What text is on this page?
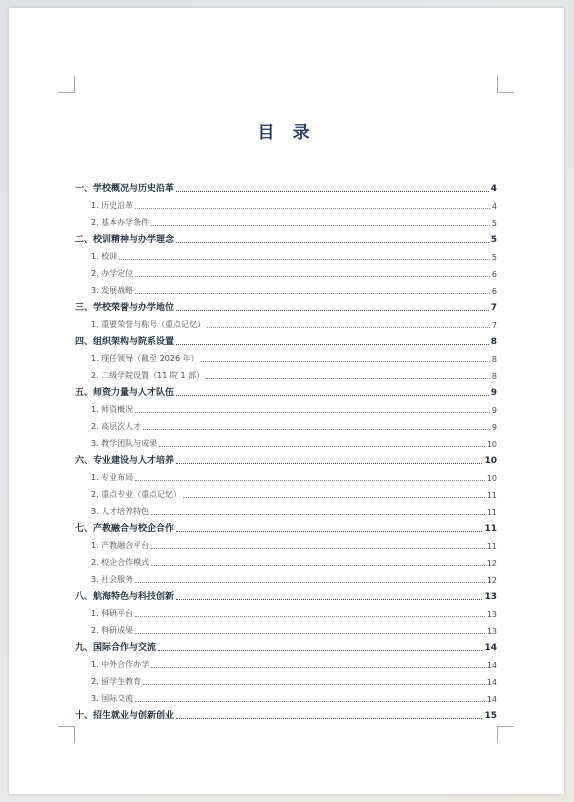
目 录
一、学校概况与历史沿革	4
1. 历史沿革	4
2. 基本办学条件	5
二、校训精神与办学理念	5
1. 校训	5
2. 办学定位	6
3. 发展战略	6
三、学校荣誉与办学地位	7
1. 重要荣誉与称号（重点记忆）	7
四、组织架构与院系设置	8
1. 现任领导（截至 2026 年）	8
2. 二级学院设置（11 院 1 部）	8
五、师资力量与人才队伍	9
1. 师资概况	9
2. 高层次人才	9
3. 教学团队与成果	10
六、专业建设与人才培养	10
1. 专业布局	10
2. 重点专业（重点记忆）	11
3. 人才培养特色	11
七、产教融合与校企合作	11
1. 产教融合平台	11
2. 校企合作模式	12
3. 社会服务	12
八、航海特色与科技创新	13
1. 科研平台	13
2. 科研成果	13
九、国际合作与交流	14
1. 中外合作办学	14
2. 留学生教育	14
3. 国际交流	14
十、招生就业与创新创业	15
